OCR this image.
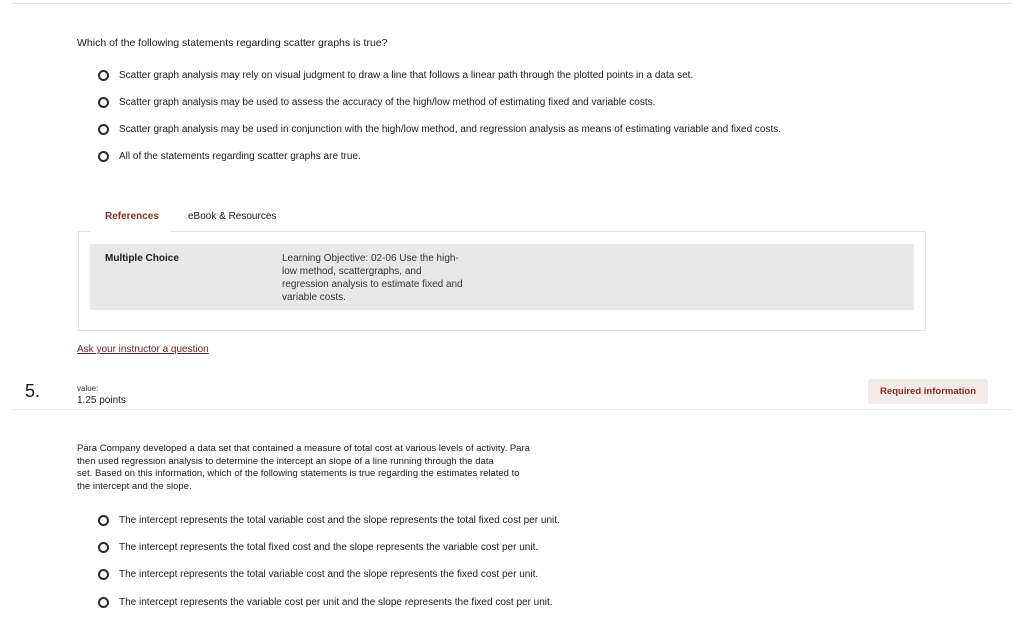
Which of the following statements regarding scatter graphs is true?
Scatter graph analysis may rely on visual judgment to draw a line that follows a linear path through the plotted points in a data set.
Scatter graph analysis may be used to assess the accuracy of the high/low method of estimating fixed and variable costs.
Scatter graph analysis may be used in conjunction with the high/low method, and regression analysis as means of estimating variable and fixed costs.
All of the statements regarding scatter graphs are true.
References	eBook & Resources
Multiple Choice	Learning Objective: 02-06 Use the high-
low method, scattergraphs, and
regression analysis to estimate fixed and
variable costs.
Ask your instructor a question
5.	value:
1.25 points
Required information
Para Company developed a data set that contained a measure of total cost at various levels of activity. Para
then used regression analysis to determine the intercept an slope of a line running through the data
set. Based on this information, which of the following statements is true regarding the estimates related to
the intercept and the slope.
The intercept represents the total variable cost and the slope represents the total fixed cost per unit.
The intercept represents the total fixed cost and the slope represents the variable cost per unit.
The intercept represents the total variable cost and the slope represents the fixed cost per unit.
The intercept represents the variable cost per unit and the slope represents the fixed cost per unit.
